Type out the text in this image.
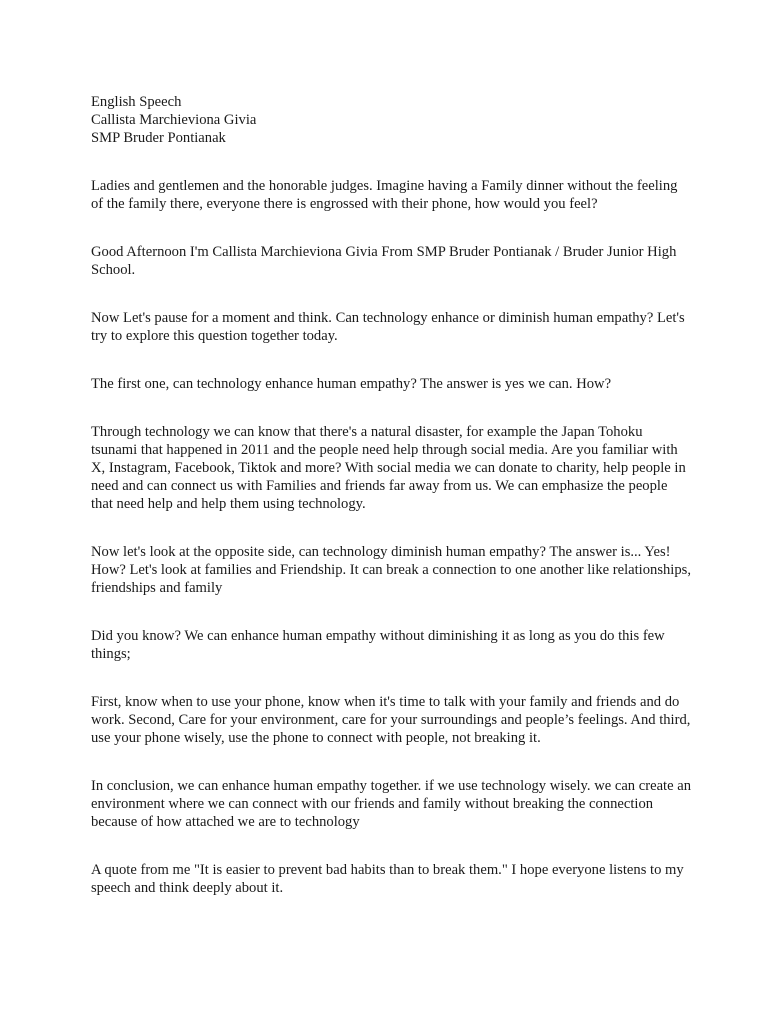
English Speech

Callista Marchieviona Givia

SMP Bruder Pontianak

Ladies and gentlemen and the honorable judges. Imagine having a Family dinner without the feeling of the family there, everyone there is engrossed with their phone, how would you feel?

Good Afternoon I'm Callista Marchieviona Givia From SMP Bruder Pontianak / Bruder Junior High School.

Now Let's pause for a moment and think. Can technology enhance or diminish human empathy? Let's try to explore this question together today.

The first one, can technology enhance human empathy? The answer is yes we can. How?

Through technology we can know that there's a natural disaster, for example the Japan Tohoku tsunami that happened in 2011 and the people need help through social media. Are you familiar with X, Instagram, Facebook, Tiktok and more? With social media we can donate to charity, help people in need and can connect us with Families and friends far away from us. We can emphasize the people that need help and help them using technology.

Now let's look at the opposite side, can technology diminish human empathy? The answer is... Yes! How? Let's look at families and Friendship. It can break a connection to one another like relationships, friendships and family

Did you know? We can enhance human empathy without diminishing it as long as you do this few things;

First, know when to use your phone, know when it's time to talk with your family and friends and do work. Second, Care for your environment, care for your surroundings and people’s feelings. And third, use your phone wisely, use the phone to connect with people, not breaking it.

In conclusion, we can enhance human empathy together. if we use technology wisely. we can create an environment where we can connect with our friends and family without breaking the connection because of how attached we are to technology

A quote from me "It is easier to prevent bad habits than to break them." I hope everyone listens to my speech and think deeply about it.
